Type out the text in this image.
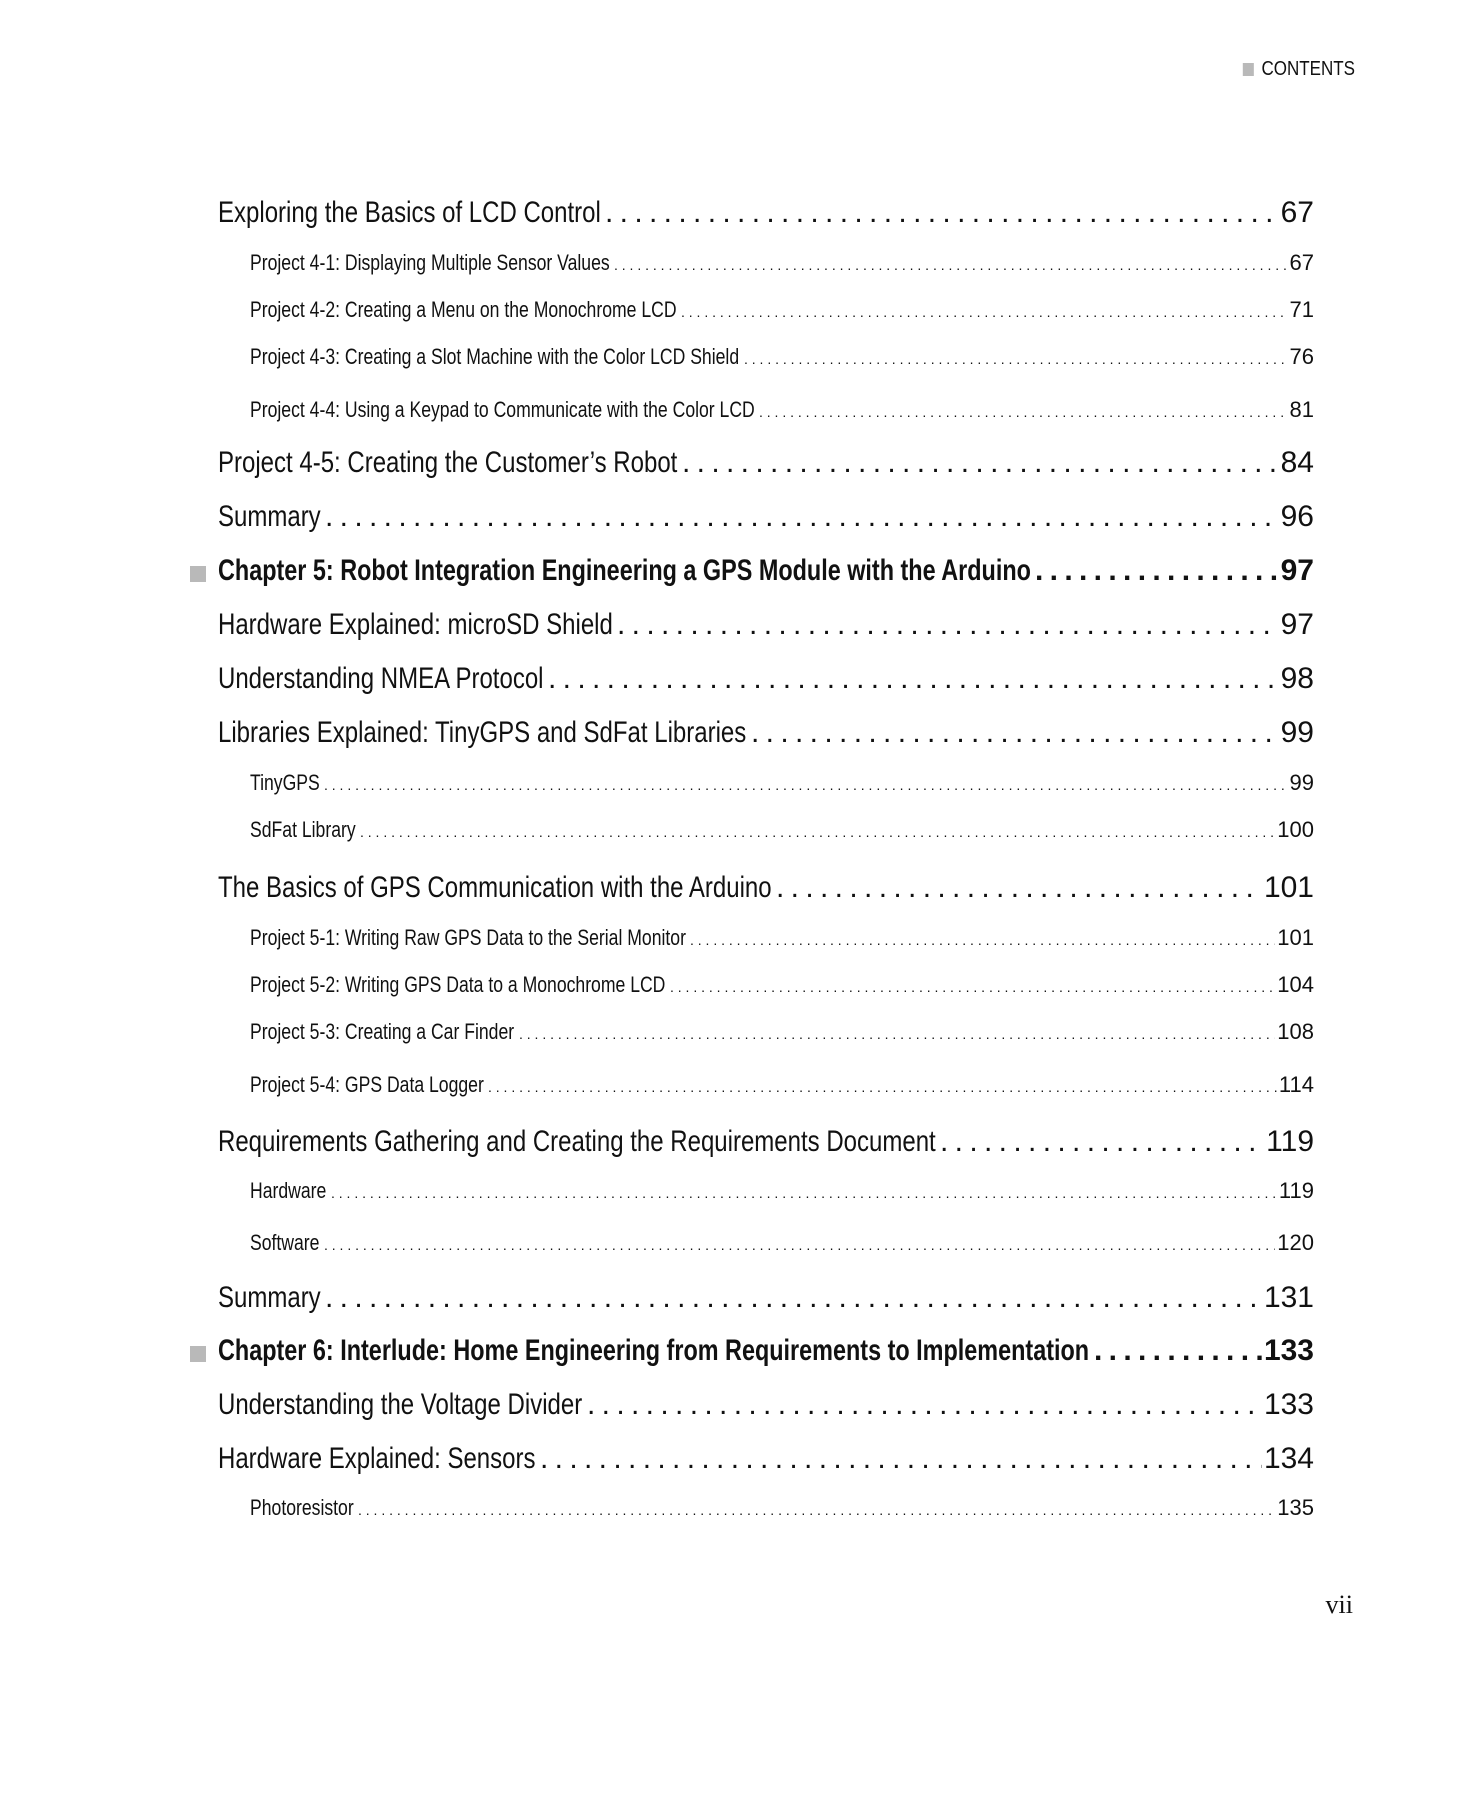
CONTENTS
Exploring the Basics of LCD Control . . .	67
Project 4-1: Displaying Multiple Sensor Values . . .	67
Project 4-2: Creating a Menu on the Monochrome LCD . . .	71
Project 4-3: Creating a Slot Machine with the Color LCD Shield . . .	76
Project 4-4: Using a Keypad to Communicate with the Color LCD . . .	81
Project 4-5: Creating the Customer’s Robot . . .	84
Summary . . .	96
Chapter 5: Robot Integration Engineering a GPS Module with the Arduino . . .	97
Hardware Explained: microSD Shield . . .	97
Understanding NMEA Protocol . . .	98
Libraries Explained: TinyGPS and SdFat Libraries . . .	99
TinyGPS . . .	99
SdFat Library . . .	100
The Basics of GPS Communication with the Arduino . . .	101
Project 5-1: Writing Raw GPS Data to the Serial Monitor . . .	101
Project 5-2: Writing GPS Data to a Monochrome LCD . . .	104
Project 5-3: Creating a Car Finder . . .	108
Project 5-4: GPS Data Logger . . .	114
Requirements Gathering and Creating the Requirements Document . . .	119
Hardware . . .	119
Software . . .	120
Summary . . .	131
Chapter 6: Interlude: Home Engineering from Requirements to Implementation . . .	133
Understanding the Voltage Divider . . .	133
Hardware Explained: Sensors . . .	134
Photoresistor . . .	135
vii
